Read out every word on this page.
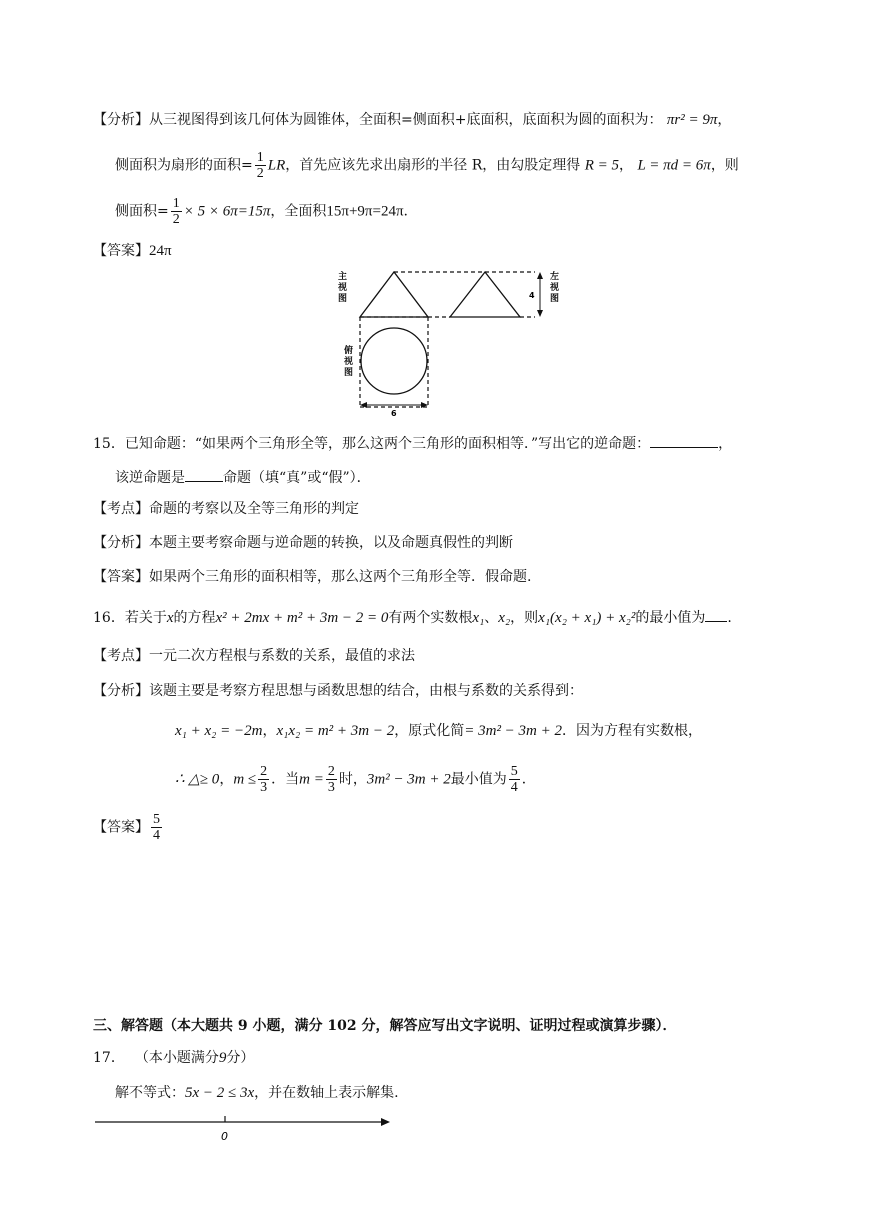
【分析】从三视图得到该几何体为圆锥体，全面积=侧面积+底面积，底面积为圆的面积为： πr² = 9π，
侧面积为扇形的面积= $\frac{1}{2}$ LR，首先应该先求出扇形的半径 R，由勾股定理得 R = 5， L = πd = 6π，则
侧面积= $\frac{1}{2} \times 5 \times 6\pi=15\pi$，全面积15π+9π=24π.
【答案】24π
4
6
主视图
左视图
俯视图
15．已知命题：“如果两个三角形全等，那么这两个三角形的面积相等．”写出它的逆命题：	，
该逆命题是	命题（填“真”或“假”）．
【考点】命题的考察以及全等三角形的判定
【分析】本题主要考察命题与逆命题的转换，以及命题真假性的判断
【答案】如果两个三角形的面积相等，那么这两个三角形全等．假命题.
16．若关于x的方程x² + 2mx + m² + 3m − 2 = 0有两个实数根x₁、x₂，则x₁(x₂ + x₁) + x₂²的最小值为 .
【考点】一元二次方程根与系数的关系，最值的求法
【分析】该题主要是考察方程思想与函数思想的结合，由根与系数的关系得到：
x₁ + x₂ = −2m，x₁x₂ = m² + 3m − 2，原式化简= 3m² − 3m + 2．因为方程有实数根，
∴ △≥ 0，$m \le \frac{2}{3}$ ．当$m = \frac{2}{3}$ 时，3m² − 3m + 2最小值为 $\frac{5}{4}$ ．
【答案】 $\frac{5}{4}$
三、解答题（本大题共 9 小题，满分 102 分，解答应写出文字说明、证明过程或演算步骤）．
17． （本小题满分9分）
解不等式：5x − 2 ≤ 3x，并在数轴上表示解集.
0
